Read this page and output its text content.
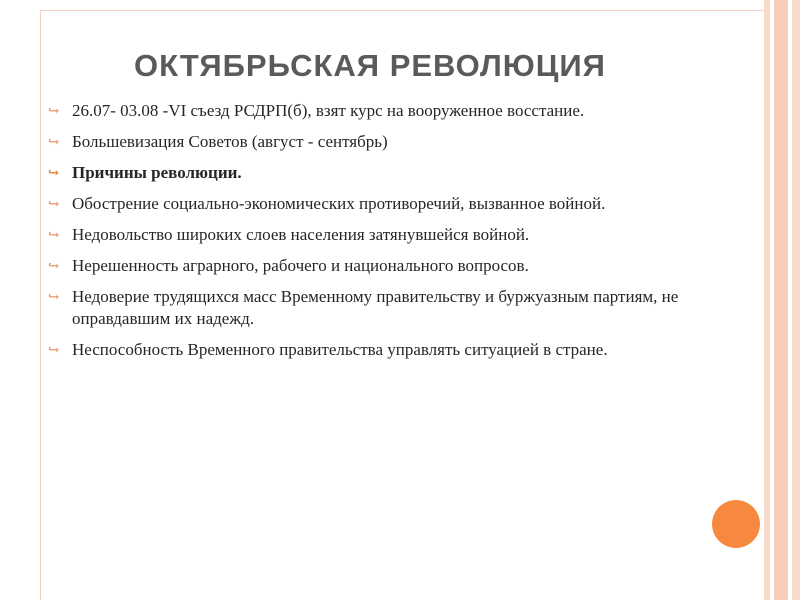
ОКТЯБРЬСКАЯ РЕВОЛЮЦИЯ
↪ 26.07- 03.08 -VI съезд РСДРП(б), взят курс на вооруженное восстание.
↪ Большевизация Советов (август - сентябрь)
↪ Причины революции.
↪ Обострение социально-экономических противоречий, вызванное войной.
↪ Недовольство широких слоев населения затянувшейся войной.
↪ Нерешенность аграрного, рабочего и национального вопросов.
↪ Недоверие трудящихся масс Временному правительству и буржуазным партиям, не оправдавшим их надежд.
↪ Неспособность Временного правительства управлять ситуацией в стране.
